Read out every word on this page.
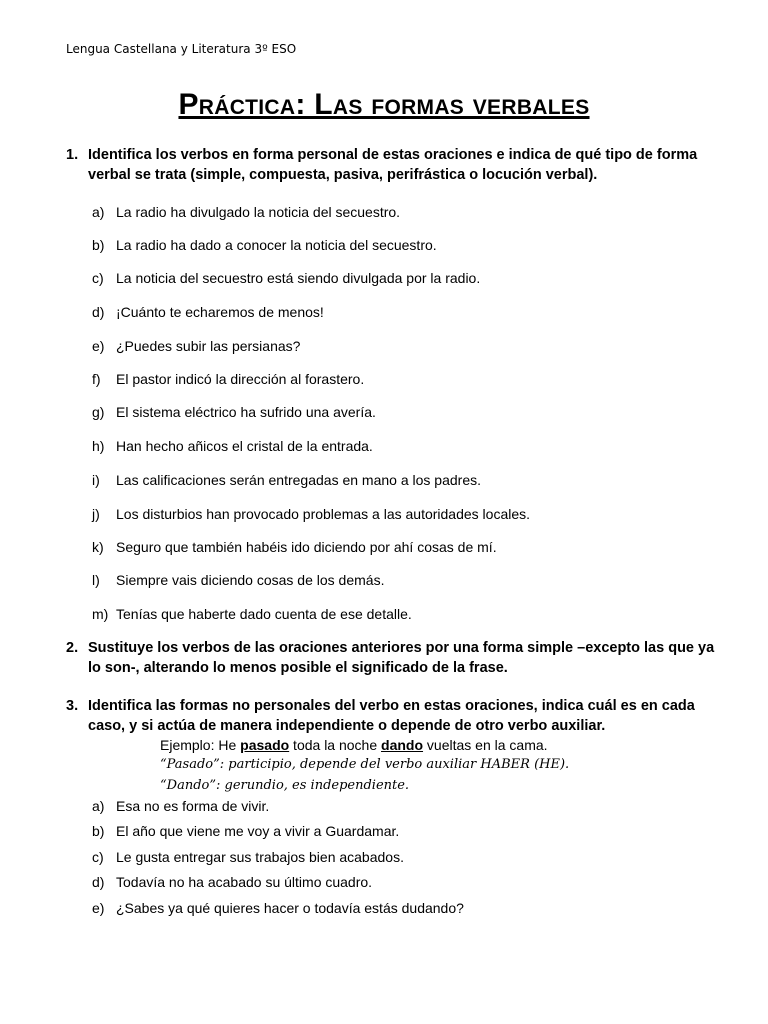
Lengua Castellana y Literatura 3º ESO
Práctica: Las formas verbales
1. Identifica los verbos en forma personal de estas oraciones e indica de qué tipo de forma verbal se trata (simple, compuesta, pasiva, perifrástica o locución verbal).
a) La radio ha divulgado la noticia del secuestro.
b) La radio ha dado a conocer la noticia del secuestro.
c) La noticia del secuestro está siendo divulgada por la radio.
d) ¡Cuánto te echaremos de menos!
e) ¿Puedes subir las persianas?
f) El pastor indicó la dirección al forastero.
g) El sistema eléctrico ha sufrido una avería.
h) Han hecho añicos el cristal de la entrada.
i) Las calificaciones serán entregadas en mano a los padres.
j) Los disturbios han provocado problemas a las autoridades locales.
k) Seguro que también habéis ido diciendo por ahí cosas de mí.
l) Siempre vais diciendo cosas de los demás.
m) Tenías que haberte dado cuenta de ese detalle.
2. Sustituye los verbos de las oraciones anteriores por una forma simple –excepto las que ya lo son-, alterando lo menos posible el significado de la frase.
3. Identifica las formas no personales del verbo en estas oraciones, indica cuál es en cada caso, y si actúa de manera independiente o depende de otro verbo auxiliar.
Ejemplo: He pasado toda la noche dando vueltas en la cama.
“Pasado”: participio, depende del verbo auxiliar HABER (HE).
“Dando”: gerundio, es independiente.
a) Esa no es forma de vivir.
b) El año que viene me voy a vivir a Guardamar.
c) Le gusta entregar sus trabajos bien acabados.
d) Todavía no ha acabado su último cuadro.
e) ¿Sabes ya qué quieres hacer o todavía estás dudando?
